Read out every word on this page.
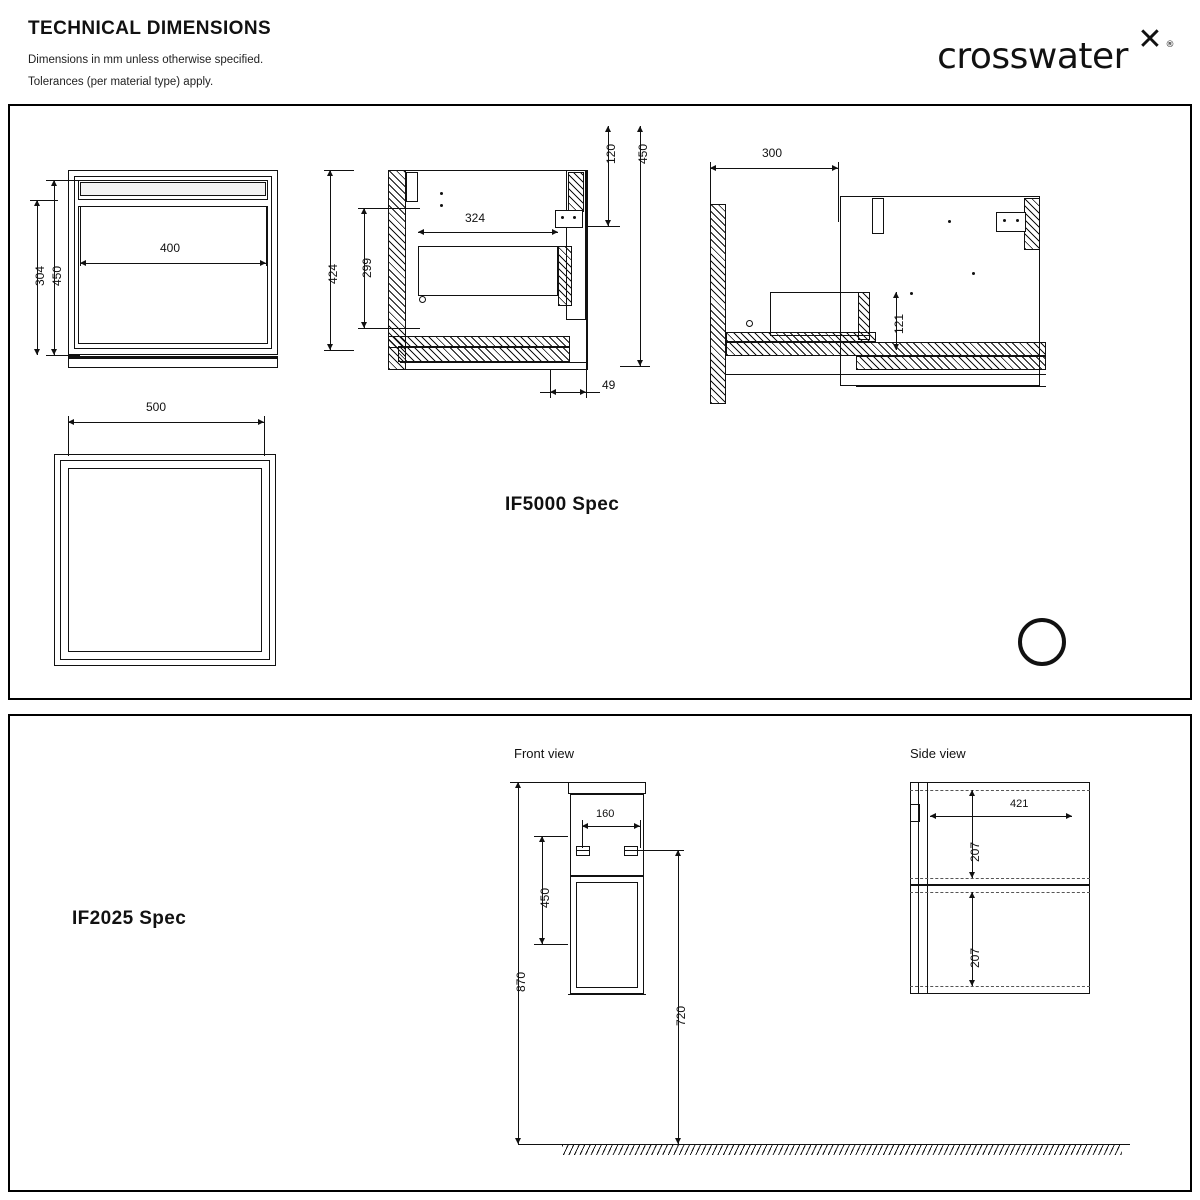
TECHNICAL DIMENSIONS
Dimensions in mm unless otherwise specified.
Tolerances (per material type) apply.
crosswater ✕ ®
400
450
304
500
324
424 299
120 450
49
300
121
IF5000 Spec
Front view	Side view
IF2025 Spec
160
450
870
720
421
207
207
